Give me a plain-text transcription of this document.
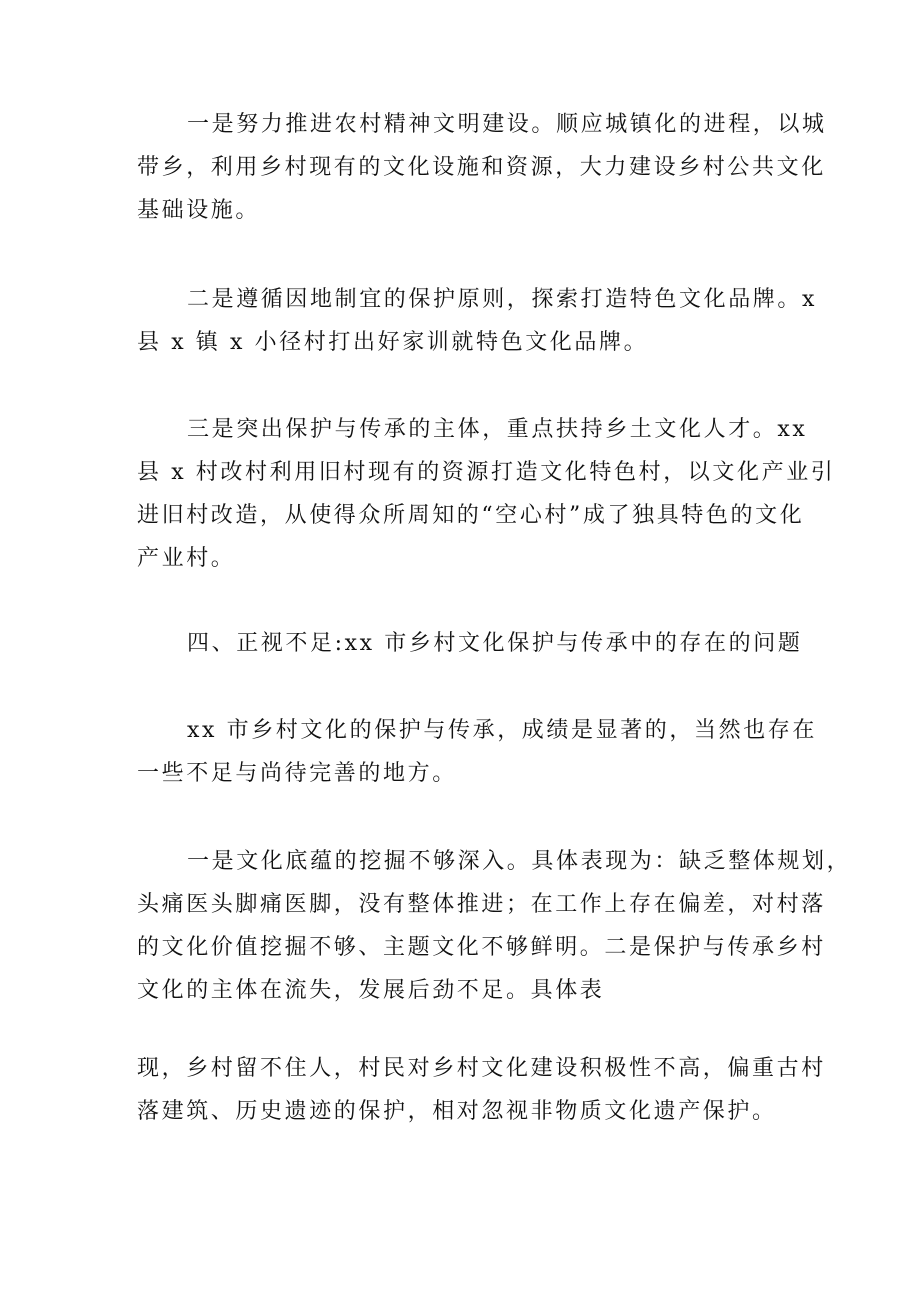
一是努力推进农村精神文明建设。顺应城镇化的进程，以城
带乡，利用乡村现有的文化设施和资源，大力建设乡村公共文化
基础设施。
二是遵循因地制宜的保护原则，探索打造特色文化品牌。x
县 x 镇 x 小径村打出好家训就特色文化品牌。
三是突出保护与传承的主体，重点扶持乡土文化人才。xx
县 x 村改村利用旧村现有的资源打造文化特色村，以文化产业引
进旧村改造，从使得众所周知的“空心村”成了独具特色的文化
产业村。
四、正视不足:xx 市乡村文化保护与传承中的存在的问题
xx 市乡村文化的保护与传承，成绩是显著的，当然也存在
一些不足与尚待完善的地方。
一是文化底蕴的挖掘不够深入。具体表现为：缺乏整体规划，
头痛医头脚痛医脚，没有整体推进；在工作上存在偏差，对村落
的文化价值挖掘不够、主题文化不够鲜明。二是保护与传承乡村
文化的主体在流失，发展后劲不足。具体表
现，乡村留不住人，村民对乡村文化建设积极性不高，偏重古村
落建筑、历史遗迹的保护，相对忽视非物质文化遗产保护。
